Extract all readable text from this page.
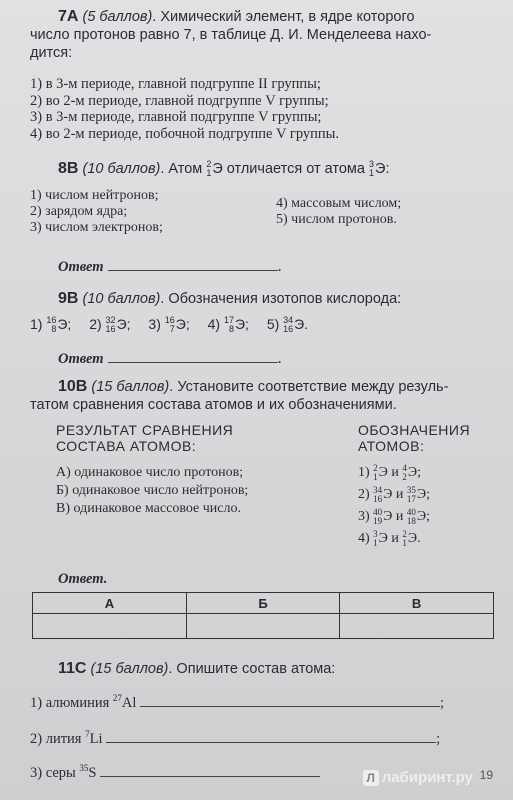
7А (5 баллов). Химический элемент, в ядре которого
число протонов равно 7, в таблице Д. И. Менделеева нахо-
дится:
1) в 3-м периоде, главной подгруппе II группы;
2) во 2-м периоде, главной подгруппе V группы;
3) в 3-м периоде, главной подгруппе V группы;
4) во 2-м периоде, побочной подгруппе V группы.
8В (10 баллов). Атом 2
1 Э отличается от атома 3
1 Э:
1) числом нейтронов;
2) зарядом ядра;
3) числом электронов;
4) массовым числом;
5) числом протонов.
Ответ	.
9В (10 баллов). Обозначения изотопов кислорода:
1) 16
8 Э; 2) 32
16 Э; 3) 16
7 Э; 4) 17
8 Э; 5) 34
16 Э.
Ответ	.
10В (15 баллов). Установите соответствие между резуль-
татом сравнения состава атомов и их обозначениями.
РЕЗУЛЬТАТ СРАВНЕНИЯ
СОСТАВА АТОМОВ:
ОБОЗНАЧЕНИЯ
АТОМОВ:
А) одинаковое число протонов;
Б) одинаковое число нейтронов;
В) одинаковое массовое число.
1) 2
1 Э и 4
2 Э;
2) 34
16 Э и 35
17 Э;
3) 40
19 Э и 40
18 Э;
4) 3
1 Э и 2
1 Э.
Ответ.
А	Б	В

11С (15 баллов). Опишите состав атома:
1) алюминия $^{27}$Al	;
2) лития $^7$Li	;
3) серы $^{35}$S	Л лабиринт.ру 19
